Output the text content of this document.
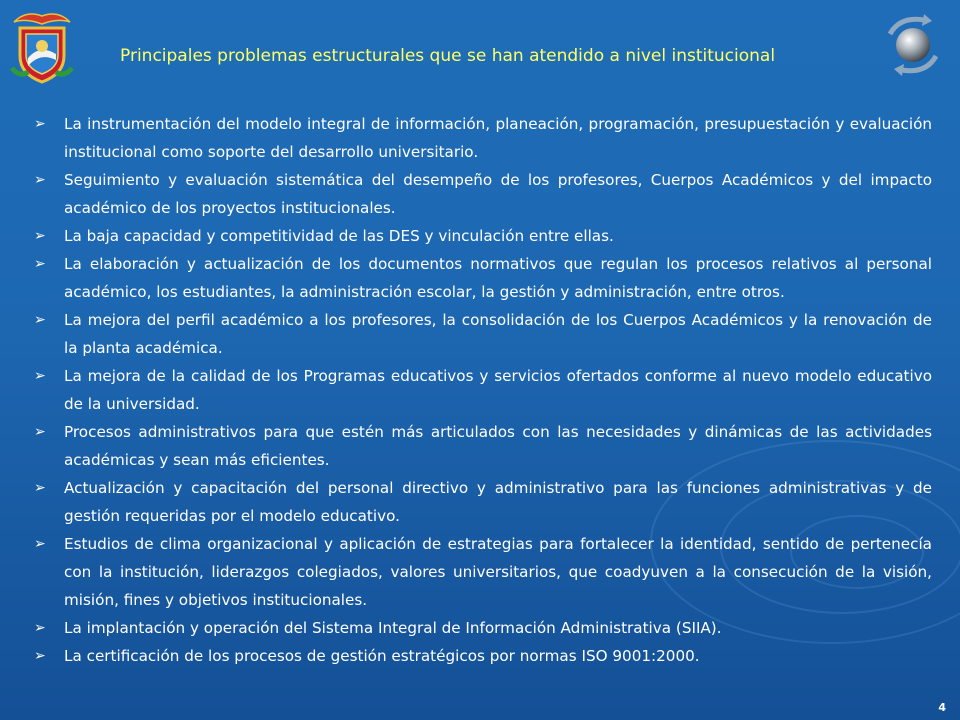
Principales problemas estructurales que se han atendido a nivel institucional
➢ La instrumentación del modelo integral de información, planeación, programación, presupuestación y evaluación institucional como soporte del desarrollo universitario.
➢ Seguimiento y evaluación sistemática del desempeño de los profesores, Cuerpos Académicos y del impacto académico de los proyectos institucionales.
➢ La baja capacidad y competitividad de las DES y vinculación entre ellas.
➢ La elaboración y actualización de los documentos normativos que regulan los procesos relativos al personal académico, los estudiantes, la administración escolar, la gestión y administración, entre otros.
➢ La mejora del perfil académico a los profesores, la consolidación de los Cuerpos Académicos y la renovación de la planta académica.
➢ La mejora de la calidad de los Programas educativos y servicios ofertados conforme al nuevo modelo educativo de la universidad.
➢ Procesos administrativos para que estén más articulados con las necesidades y dinámicas de las actividades académicas y sean más eficientes.
➢ Actualización y capacitación del personal directivo y administrativo para las funciones administrativas y de gestión requeridas por el modelo educativo.
➢ Estudios de clima organizacional y aplicación de estrategias para fortalecer la identidad, sentido de pertenecía con la institución, liderazgos colegiados, valores universitarios, que coadyuven a la consecución de la visión, misión, fines y objetivos institucionales.
➢ La implantación y operación del Sistema Integral de Información Administrativa (SIIA).
➢ La certificación de los procesos de gestión estratégicos por normas ISO 9001:2000.
4
